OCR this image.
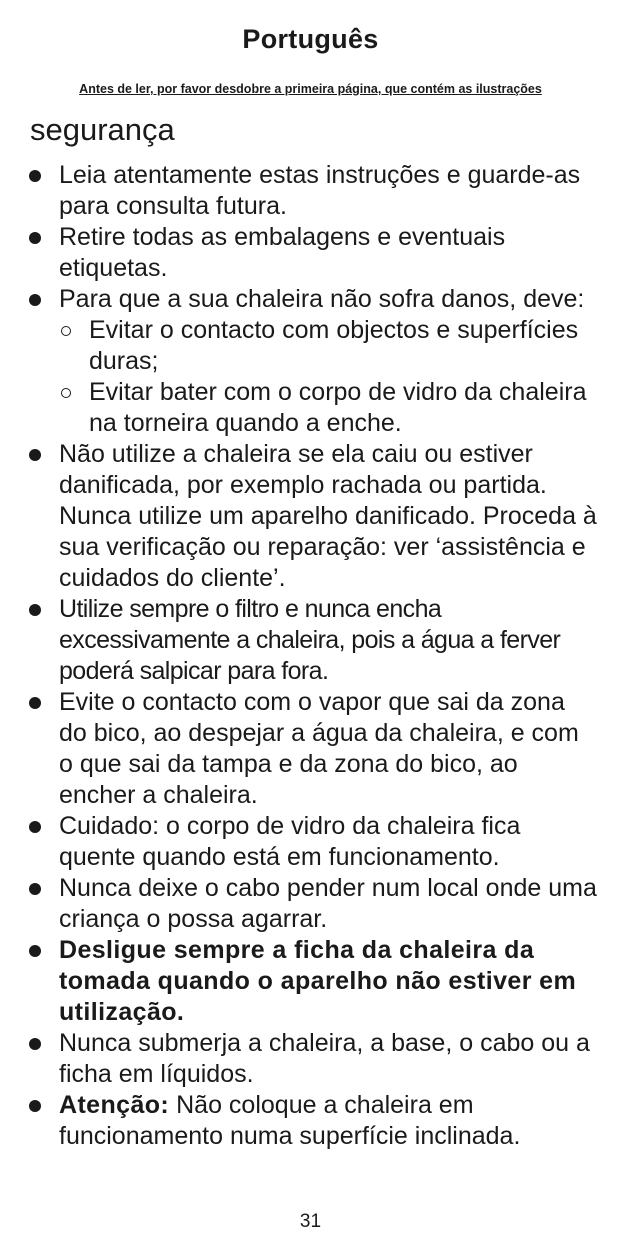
Português
Antes de ler, por favor desdobre a primeira página, que contém as ilustrações
segurança
Leia atentamente estas instruções e guarde-as para consulta futura.
Retire todas as embalagens e eventuais etiquetas.
Para que a sua chaleira não sofra danos, deve:
Evitar o contacto com objectos e superfícies duras;
Evitar bater com o corpo de vidro da chaleira na torneira quando a enche.
Não utilize a chaleira se ela caiu ou estiver danificada, por exemplo rachada ou partida. Nunca utilize um aparelho danificado. Proceda à sua verificação ou reparação: ver ‘assistência e cuidados do cliente’.
Utilize sempre o filtro e nunca encha excessivamente a chaleira, pois a água a ferver poderá salpicar para fora.
Evite o contacto com o vapor que sai da zona do bico, ao despejar a água da chaleira, e com o que sai da tampa e da zona do bico, ao encher a chaleira.
Cuidado: o corpo de vidro da chaleira fica quente quando está em funcionamento.
Nunca deixe o cabo pender num local onde uma criança o possa agarrar.
Desligue sempre a ficha da chaleira da tomada quando o aparelho não estiver em utilização.
Nunca submerja a chaleira, a base, o cabo ou a ficha em líquidos.
Atenção: Não coloque a chaleira em funcionamento numa superfície inclinada.
31
